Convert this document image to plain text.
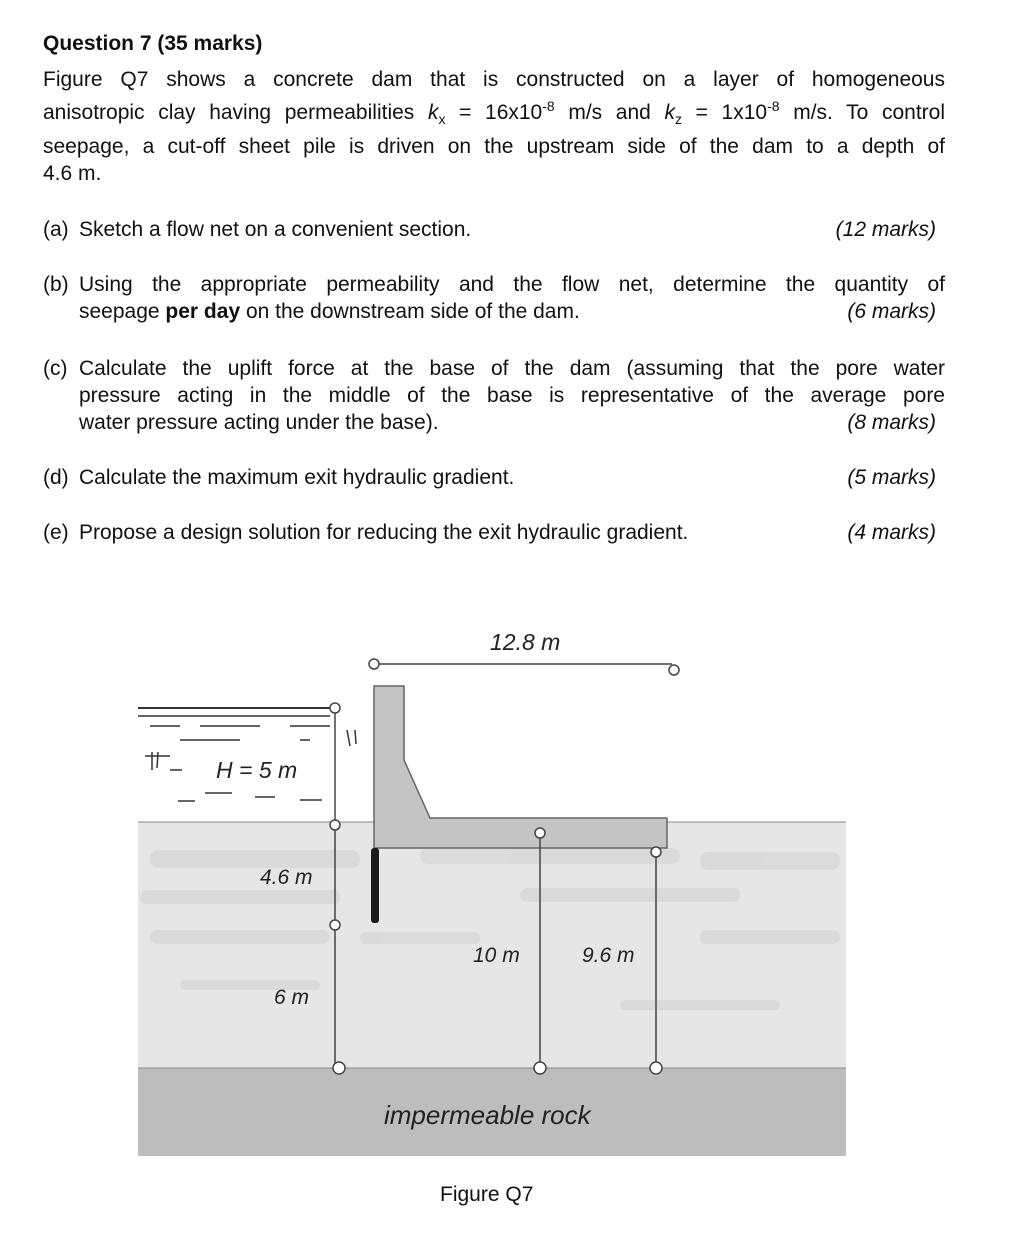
Question 7 (35 marks)
Figure Q7 shows a concrete dam that is constructed on a layer of homogeneous
anisotropic clay having permeabilities $k_x = 16x10^{-8}$ m/s and $k_z = 1x10^{-8}$ m/s. To control
seepage, a cut-off sheet pile is driven on the upstream side of the dam to a depth of
4.6 m.
(a) Sketch a flow net on a convenient section.	(12 marks)
(b) Using the appropriate permeability and the flow net, determine the quantity of
seepage per day on the downstream side of the dam.	(6 marks)
(c) Calculate the uplift force at the base of the dam (assuming that the pore water
pressure acting in the middle of the base is representative of the average pore
water pressure acting under the base).	(8 marks)
(d) Calculate the maximum exit hydraulic gradient.	(5 marks)
(e) Propose a design solution for reducing the exit hydraulic gradient.	(4 marks)
12.8 m
H = 5 m
4.6 m
6 m
10 m	9.6 m
impermeable rock
Figure Q7
